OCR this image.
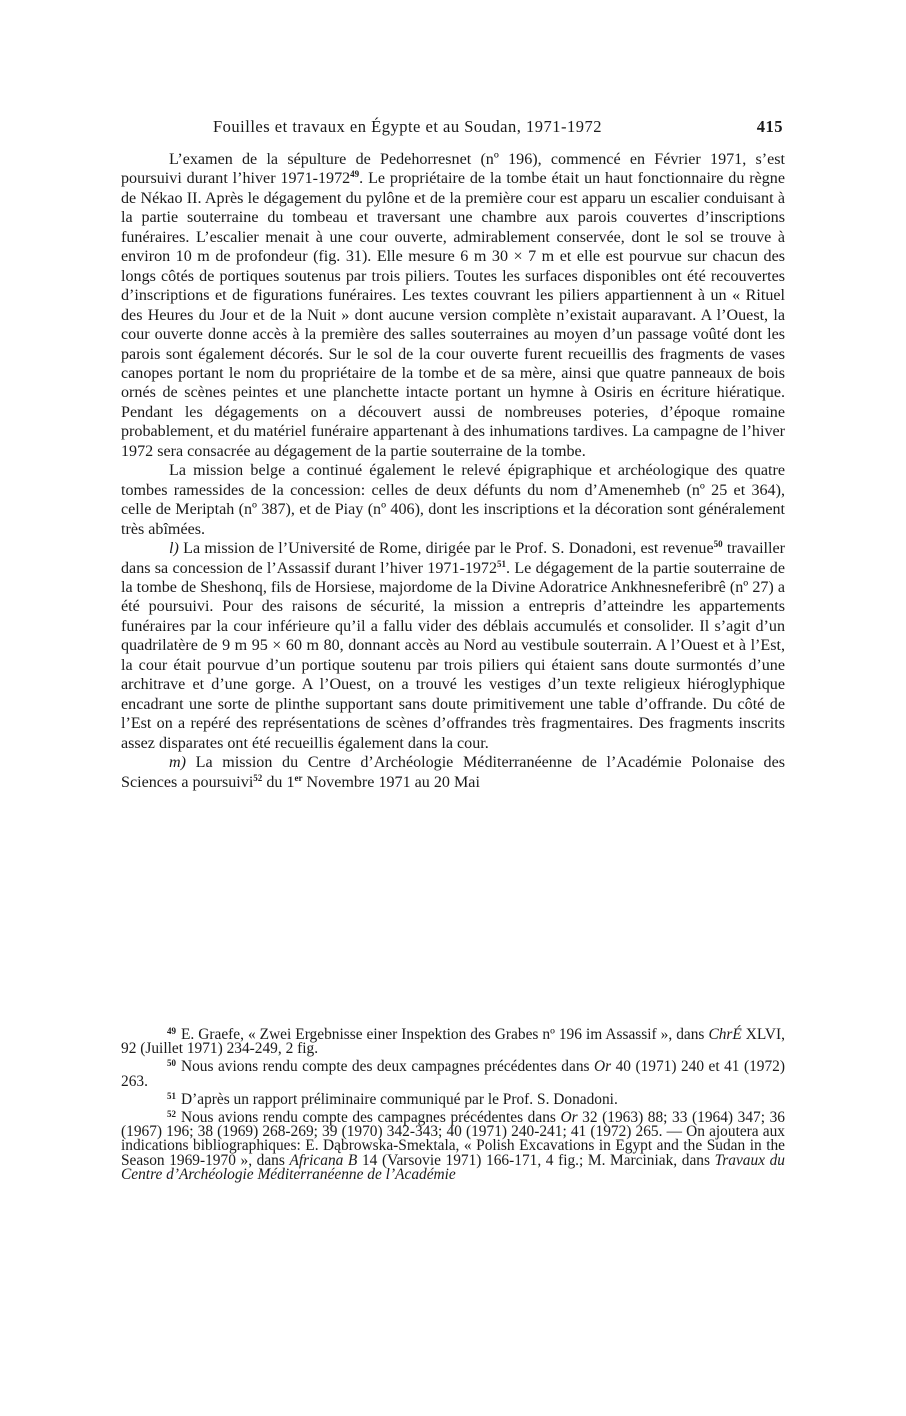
Fouilles et travaux en Égypte et au Soudan, 1971-1972	415

L’examen de la sépulture de Pedehorresnet (nº 196), commencé en Février 1971, s’est poursuivi durant l’hiver 1971-1972$^{49}$. Le propriétaire de la tombe était un haut fonctionnaire du règne de Nékao II. Après le dégagement du pylône et de la première cour est apparu un escalier conduisant à la partie souterraine du tombeau et traversant une chambre aux parois couvertes d’inscriptions funéraires. L’escalier menait à une cour ouverte, admirablement conservée, dont le sol se trouve à environ 10 m de profondeur (fig. 31). Elle mesure 6 m 30 × 7 m et elle est pourvue sur chacun des longs côtés de portiques soutenus par trois piliers. Toutes les surfaces disponibles ont été recouvertes d’inscriptions et de figurations funéraires. Les textes couvrant les piliers appartiennent à un « Rituel des Heures du Jour et de la Nuit » dont aucune version complète n’existait auparavant. A l’Ouest, la cour ouverte donne accès à la première des salles souterraines au moyen d’un passage voûté dont les parois sont également décorés. Sur le sol de la cour ouverte furent recueillis des fragments de vases canopes portant le nom du propriétaire de la tombe et de sa mère, ainsi que quatre panneaux de bois ornés de scènes peintes et une planchette intacte portant un hymne à Osiris en écriture hiératique. Pendant les dégagements on a découvert aussi de nombreuses poteries, d’époque romaine probablement, et du matériel funéraire appartenant à des inhumations tardives. La campagne de l’hiver 1972 sera consacrée au dégagement de la partie souterraine de la tombe.

La mission belge a continué également le relevé épigraphique et archéologique des quatre tombes ramessides de la concession: celles de deux défunts du nom d’Amenemheb (nº 25 et 364), celle de Meriptah (nº 387), et de Piay (nº 406), dont les inscriptions et la décoration sont généralement très abîmées.

l) La mission de l’Université de Rome, dirigée par le Prof. S. Donadoni, est revenue$^{50}$ travailler dans sa concession de l’Assassif durant l’hiver 1971-1972$^{51}$. Le dégagement de la partie souterraine de la tombe de Sheshonq, fils de Horsiese, majordome de la Divine Adoratrice Ankhnesneferibrê (nº 27) a été poursuivi. Pour des raisons de sécurité, la mission a entrepris d’atteindre les appartements funéraires par la cour inférieure qu’il a fallu vider des déblais accumulés et consolider. Il s’agit d’un quadrilatère de 9 m 95 × 60 m 80, donnant accès au Nord au vestibule souterrain. A l’Ouest et à l’Est, la cour était pourvue d’un portique soutenu par trois piliers qui étaient sans doute surmontés d’une architrave et d’une gorge. A l’Ouest, on a trouvé les vestiges d’un texte religieux hiéroglyphique encadrant une sorte de plinthe supportant sans doute primitivement une table d’offrande. Du côté de l’Est on a repéré des représentations de scènes d’offrandes très fragmentaires. Des fragments inscrits assez disparates ont été recueillis également dans la cour.

m) La mission du Centre d’Archéologie Méditerranéenne de l’Académie Polonaise des Sciences a poursuivi$^{52}$ du 1er Novembre 1971 au 20 Mai

$^{49}$ E. Graefe, « Zwei Ergebnisse einer Inspektion des Grabes nº 196 im Assassif », dans ChrÉ XLVI, 92 (Juillet 1971) 234-249, 2 fig.

$^{50}$ Nous avions rendu compte des deux campagnes précédentes dans Or 40 (1971) 240 et 41 (1972) 263.

$^{51}$ D’après un rapport préliminaire communiqué par le Prof. S. Donadoni.

$^{52}$ Nous avions rendu compte des campagnes précédentes dans Or 32 (1963) 88; 33 (1964) 347; 36 (1967) 196; 38 (1969) 268-269; 39 (1970) 342-343; 40 (1971) 240-241; 41 (1972) 265. — On ajoutera aux indications bibliographiques: E. Dąbrowska-Smektala, « Polish Excavations in Egypt and the Sudan in the Season 1969-1970 », dans Africana B 14 (Varsovie 1971) 166-171, 4 fig.; M. Marciniak, dans Travaux du Centre d’Archéologie Méditerranéenne de l’Académie
